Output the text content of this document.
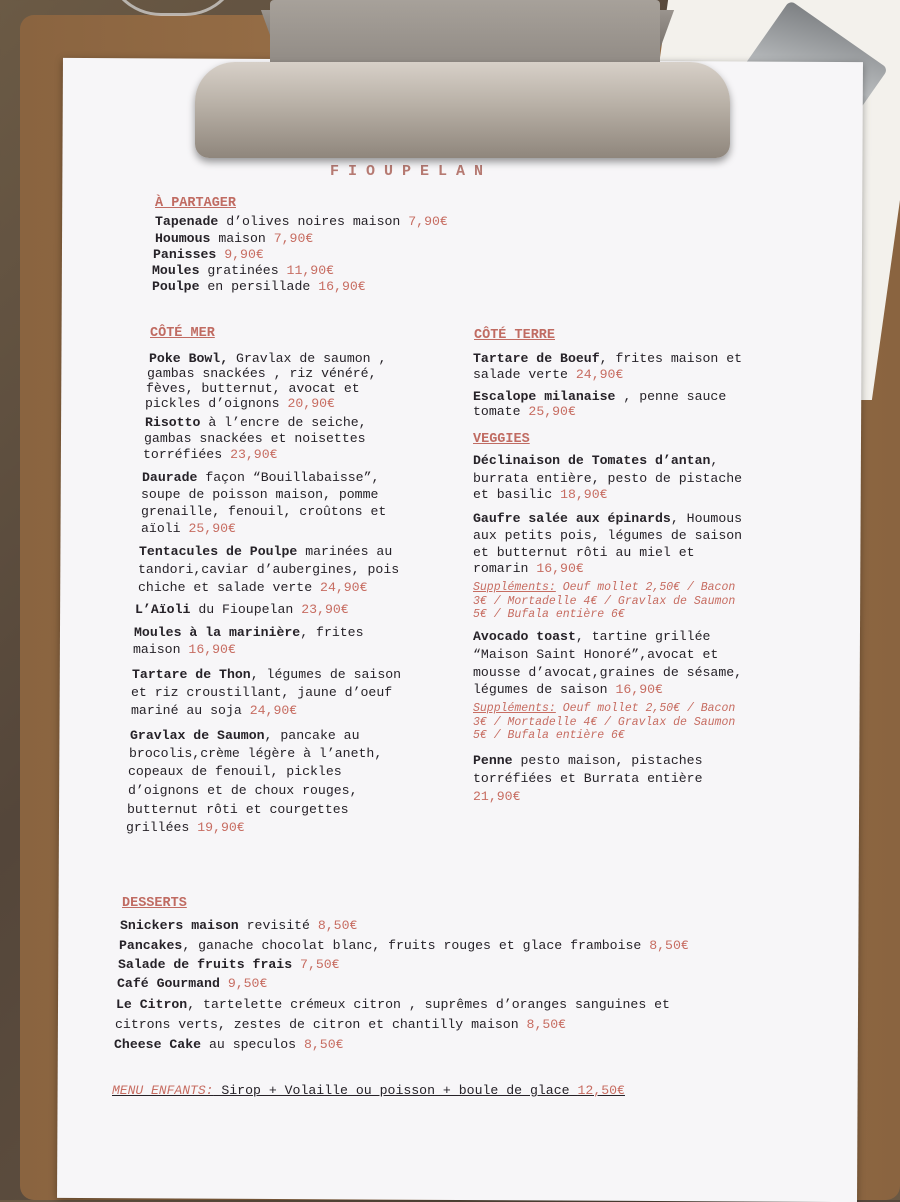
FIOUPELAN
À PARTAGER
Tapenade d’olives noires maison 7,90€
Houmous maison 7,90€
Panisses 9,90€
Moules gratinées 11,90€
Poulpe en persillade 16,90€
CÔTÉ MER
Poke Bowl, Gravlax de saumon ,
gambas snackées , riz vénéré,
fèves, butternut, avocat et
pickles d’oignons 20,90€
Risotto à l’encre de seiche,
gambas snackées et noisettes
torréfiées 23,90€
Daurade façon “Bouillabaisse”,
soupe de poisson maison, pomme
grenaille, fenouil, croûtons et
aïoli 25,90€
Tentacules de Poulpe marinées au
tandori,caviar d’aubergines, pois
chiche et salade verte 24,90€
L’Aïoli du Fioupelan 23,90€
Moules à la marinière, frites
maison 16,90€
Tartare de Thon, légumes de saison
et riz croustillant, jaune d’oeuf
mariné au soja 24,90€
Gravlax de Saumon, pancake au
brocolis,crème légère à l’aneth,
copeaux de fenouil, pickles
d’oignons et de choux rouges,
butternut rôti et courgettes
grillées 19,90€
CÔTÉ TERRE
Tartare de Boeuf, frites maison et
salade verte 24,90€
Escalope milanaise , penne sauce
tomate 25,90€
VEGGIES
Déclinaison de Tomates d’antan,
burrata entière, pesto de pistache
et basilic 18,90€
Gaufre salée aux épinards, Houmous
aux petits pois, légumes de saison
et butternut rôti au miel et
romarin 16,90€
Suppléments: Oeuf mollet 2,50€ / Bacon
3€ / Mortadelle 4€ / Gravlax de Saumon
5€ / Bufala entière 6€
Avocado toast, tartine grillée
“Maison Saint Honoré”,avocat et
mousse d’avocat,graines de sésame,
légumes de saison 16,90€
Suppléments: Oeuf mollet 2,50€ / Bacon
3€ / Mortadelle 4€ / Gravlax de Saumon
5€ / Bufala entière 6€
Penne pesto maison, pistaches
torréfiées et Burrata entière
21,90€
DESSERTS
Snickers maison revisité 8,50€
Pancakes, ganache chocolat blanc, fruits rouges et glace framboise 8,50€
Salade de fruits frais 7,50€
Café Gourmand 9,50€
Le Citron, tartelette crémeux citron , suprêmes d’oranges sanguines et
citrons verts, zestes de citron et chantilly maison 8,50€
Cheese Cake au speculos 8,50€
MENU ENFANTS: Sirop + Volaille ou poisson + boule de glace 12,50€
